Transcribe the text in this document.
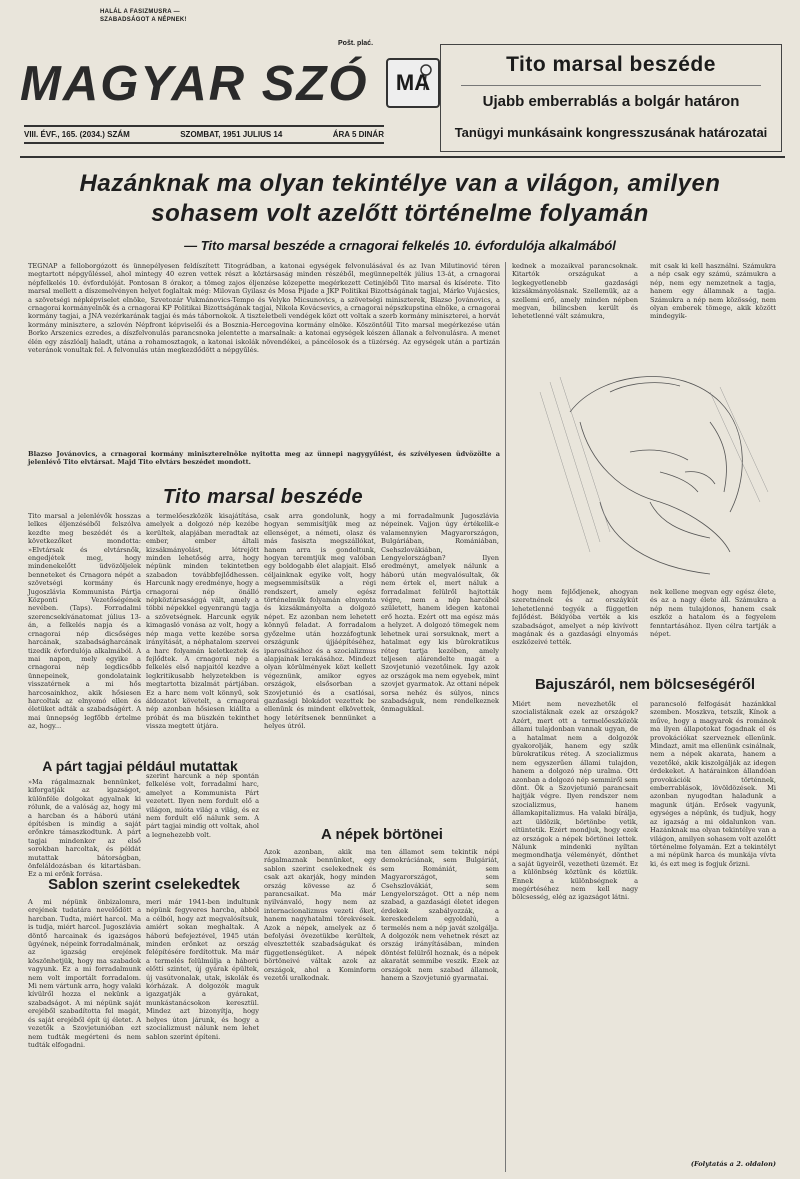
HALÁL A FASIZMUSRA —
SZABADSÁGOT A NÉPNEK!
Pošt. plać.
MAGYAR SZÓ MA
VIII. ÉVF., 165. (2034.) SZÁM	SZOMBAT, 1951 JULIUS 14	ÁRA 5 DINÁR
Tito marsal beszéde
Ujabb emberrablás a bolgár határon
Tanügyi munkásaink kongresszusának határozatai
Hazánknak ma olyan tekintélye van a világon, amilyen
sohasem volt azelőtt történelme folyamán
— Tito marsal beszéde a crnagorai felkelés 10. évfordulója alkalmából
TEGNAP a felloborgózott és ünnepélyesen feldíszített Titográdban, a katonai egységek felvonulásával és az Ivan Milutinović téren megtartott népgyűléssel, ahol mintegy 40 ezren vettek részt a köztársaság minden részéből, megünnepelték július 13-át, a crnagorai népfelkelés 10. évfordulóját. Pontosan 8 órakor, a tömeg zajos éljenzése közepette megérkezett Cetinjéből Tito marsal és kísérete. Tito marsal mellett a díszemelvényen helyet foglaltak még: Milovan Gyilasz és Mosa Pijade a JKP Politikai Bizottságának tagjai, Márko Vujácsics, a szövetségi népképviselet elnöke, Szvetozár Vukmánovics-Tempo és Velyko Micsunovics, a szövetségi miniszterek, Blazso Jovánovics, a crnagorai kormányelnök és a crnagorai KP Politikai Bizottságának tagjai, Nikola Kovácsevics, a crnagorai népszkupstina elnöke, a crnagorai kormány tagjai, a JNA vezérkarának tagjai és más tábornokok. A tiszteletbeli vendégek közt ott voltak a szerb kormány miniszterei, a horvát kormány minisztere, a szlovén Népfront képviselői és a Bosznia-Hercegovina kormány elnöke. Köszöntőül Tito marsal megérkezése után Borko Arszenics ezredes, a díszfelvonulás parancsnoka jelentette a marsalnak: a katonai egységek készen állanak a felvonulásra. A menet élén egy zászlóalj haladt, utána a rohamosztagok, a katonai iskolák növendékei, a páncélosok és a tüzérség. Az egységek után a partizán veteránok vonultak fel. A felvonulás után megkezdődött a népgyűlés.
Blazso Jovánovics, a crnagorai kormány miniszterelnöke nyitotta meg az ünnepi nagygyűlést, és szívélyesen üdvözölte a jelenlévő Tito elvtársat. Majd Tito elvtárs beszédet mondott.
kednek a mozaikval parancsoknak. Kitartók országukat a legkegyetlenebb gazdasági kizsákmányolásnak. Szellemük, az a szellemi erő, amely minden népben megvan, bilincsben került és lehetetlenné vált számukra,
mit csak ki kell használni. Számukra a nép csak egy számú, számukra a nép, nem egy nemzetnek a tagja, hanem egy államnak a tagja. Számukra a nép nem közösség, nem olyan emberek tömege, akik között mindegyik-
Tito marsal beszéde
Tito marsal a jelenlévők hosszas lelkes éljenzéséből felszólva kezdte meg beszédét és a következőket mondotta: »Elvtársak és elvtársnők, engedjétek meg, hogy mindenekelőtt üdvözöljelek benneteket és Crnagora népét a szövetségi kormány és Jugoszlávia Kommunista Pártja Központi Vezetőségének nevében. (Taps). Forradalmi szerencsekívánatomat július 13-án, a felkelés napja és a crnagorai nép dicsőséges harcának, szabadságharcának tizedik évfordulója alkalmából. A mai napon, mely egyike a crnagorai nép legdicsőbb ünnepeinek, gondolataink visszatérnek a mi hős harcosainkhoz, akik hősiesen harcoltak az elnyomó ellen és életüket adták a szabadságért. A mai ünnepség legfőbb értelme az, hogy...
a termelőeszközök kisajátítása, amelyek a dolgozó nép kezébe kerültek, alapjában meradtak az ember, ember általi kizsákmányolást, létrejött minden lehetőség arra, hogy népünk minden tekintetben szabadon továbbfejlődhessen. Harcunk nagy eredménye, hogy a crnagorai nép önálló népköztársasággá vált, amely a többi népekkel egyenrangú tagja a szövetségnek. Harcunk egyik kimagasló vonása az volt, hogy a nép maga vette kezébe sorsa irányítását, a néphatalom szervei a harc folyamán keletkeztek és fejlődtek. A crnagorai nép a felkelés első napjaitól kezdve a legkritikusabb helyzetekben is megtartotta bizalmát pártjában. Ez a harc nem volt könnyű, sok áldozatot követelt, a crnagorai nép azonban hősiesen kiállta a próbát és ma büszkén tekinthet vissza megtett útjára.
csak arra gondolunk, hogy hogyan semmisítjük meg az ellenséget, a németi, olasz és más fasiszta megszállókat, hanem arra is gondoltunk, hogyan teremtjük meg valóban egy boldogabb élet alapjait. Első céljainknak egyike volt, hogy megsemmisítsük a régi rendszert, amely egész történelmük folyamán elnyomta és kizsákmányolta a dolgozó népet. Ez azonban nem lehetett könnyű feladat. A forradalom győzelme után hozzáfogtunk országunk újjáépítéséhez, iparosításához és a szocializmus alapjainak lerakásához. Mindezt olyan körülmények közt kellett végeznünk, amikor egyes országok, elsősorban a Szovjetunió és a csatlósai, gazdasági blokádot vezettek be ellenünk és mindent elkövettek, hogy letérítsenek bennünket a helyes útról.
a mi forradalmunk Jugoszlávia népeinek. Vajjon úgy értékelik-e valamennyien Magyarországon, Bulgáriában, Romániában, Csehszlovákiában, Lengyelországban? Ilyen eredményt, amelyek nálunk a háború után megvalósultak, ők nem értek el, mert náluk a forradalmat felülről hajtották végre, nem a nép harcából született, hanem idegen katonai erő hozta. Ezért ott ma egész más a helyzet. A dolgozó tömegek nem lehetnek urai sorsuknak, mert a hatalmat egy kis bürokratikus réteg tartja kezében, amely teljesen alárendelte magát a Szovjetunió vezetőinek. Így azok az országok ma nem egyebek, mint szovjet gyarmatok. Az ottani népek sorsa nehéz és súlyos, nincs szabadságuk, nem rendelkeznek önmagukkal.
A párt tagjai például mutattak
»Ma rágalmaznak bennünket, kiforgatják az igazságot, különféle dolgokat agyalnak ki rólunk, de a valóság az, hogy mi a harcban és a háború utáni építésben is mindig a saját erőnkre támaszkodtunk. A párt tagjai mindenkor az első sorokban harcoltak, és példát mutattak bátorságban, önfeláldozásban és kitartásban. Ez a mi erőnk forrása.
szerint harcunk a nép spontán felkelése volt, forradalmi harc, amelyet a Kommunista Párt vezetett. Ilyen nem fordult elő a világon, mióta világ a világ, és ez nem fordult elő nálunk sem. A párt tagjai mindig ott voltak, ahol a legnehezebb volt.
Sablon szerint cselekedtek
A mi népünk önbizalomra, erejének tudatára nevelődött a harcban. Tudta, miért harcol. Ma is tudja, miért harcol. Jugoszlávia döntő harcainak és igazságos ügyének, népeink forradalmának, az igazság erejének köszönhetjük, hogy ma szabadok vagyunk. Ez a mi forradalmunk nem volt importált forradalom. Mi nem vártunk arra, hogy valaki kívülről hozza el nekünk a szabadságot. A mi népünk saját erejéből szabadította fel magát, és saját erejéből épít új életet. A vezetők a Szovjetunióban ezt nem tudták megérteni és nem tudták elfogadni.
meri már 1941-ben indultunk népünk fegyveres harcba, abból a célból, hogy azt megvalósítsuk, amiért sokan meghaltak. A háború befejeztével, 1945 után minden erőnket az ország felépítésére fordítottuk. Ma már a termelés felülmúlja a háború előtti szintet, új gyárak épültek, új vasútvonalak, utak, iskolák és kórházak. A dolgozók maguk igazgatják a gyárakat, munkástanácsokon keresztül. Mindez azt bizonyítja, hogy helyes úton járunk, és hogy a szocializmust nálunk nem lehet sablon szerint építeni.
A népek börtönei
Azok azonban, akik ma rágalmaznak bennünket, egy sablon szerint cselekednek és csak azt akarják, hogy minden ország kövesse az ő parancsaikat. Ma már nyilvánvaló, hogy nem az internacionalizmus vezeti őket, hanem nagyhatalmi törekvések. Azok a népek, amelyek az ő befolyási övezetükbe kerültek, elvesztették szabadságukat és függetlenségüket. A népek börtöneivé váltak azok az országok, ahol a Kominform vezetői uralkodnak.
ten államot sem tekintik népi demokráciának, sem Bulgáriát, sem Romániát, sem Magyarországot, sem Csehszlovákiát, sem Lengyelországot. Ott a nép nem szabad, a gazdasági életet idegen érdekek szabályozzák, a kereskedelem egyoldalú, a termelés nem a nép javát szolgálja. A dolgozók nem vehetnek részt az ország irányításában, minden döntést felülről hoznak, és a népek akaratát semmibe veszik. Ezek az országok nem szabad államok, hanem a Szovjetunió gyarmatai.
hogy nem fejlődjenek, ahogyan szeretnének és az orszáykút lehetetlenné tegyék a független fejlődést. Béklyóba verték a kis szabadságot, amelyet a nép kivívott magának és a gazdasági elnyomás eszközeivé tették.
nek kellene megvan egy egész élete, és az a nagy élete áll. Számukra a nép nem tulajdonos, hanem csak eszköz a hatalom és a fegyelem fenntartásához. Ilyen célra tartják a népet.
Bajuszáról, nem bölcseségéről
Miért nem nevezhetők el szocialistáknak ezek az országok? Azért, mert ott a termelőeszközök állami tulajdonban vannak ugyan, de a hatalmat nem a dolgozók gyakorolják, hanem egy szűk bürokratikus réteg. A szocializmus nem egyszerűen állami tulajdon, hanem a dolgozó nép uralma. Ott azonban a dolgozó nép semmiről sem dönt. Ők a Szovjetunió parancsait hajtják végre. Ilyen rendszer nem szocializmus, hanem államkapitalizmus. Ha valaki bírálja, azt üldözik, börtönbe vetik, eltüntetik. Ezért mondjuk, hogy ezek az országok a népek börtönei lettek. Nálunk mindenki nyíltan megmondhatja véleményét, dönthet a saját ügyeiről, vezetheti üzemét. Ez a különbség köztünk és köztük. Ennek a különbségnek a megértéséhez nem kell nagy bölcsesség, elég az igazságot látni.
parancsoló felfogását hazánkkal szemben. Moszkva, tetszik, Kínok a műve, hogy a magyarok és románok ma ilyen állapotokat fogadnak el és provokációkat szerveznek ellenünk. Mindazt, amit ma ellenünk csinálnak, nem a népek akarata, hanem a vezetőké, akik kiszolgálják az idegen érdekeket. A határainkon állandóan provokációk történnek, emberrablások, lövöldözések. Mi azonban nyugodtan haladunk a magunk útján. Erősek vagyunk, egységes a népünk, és tudjuk, hogy az igazság a mi oldalunkon van. Hazánknak ma olyan tekintélye van a világon, amilyen sohasem volt azelőtt történelme folyamán. Ezt a tekintélyt a mi népünk harca és munkája vívta ki, és ezt meg is fogjuk őrizni.
(Folytatás a 2. oldalon)
